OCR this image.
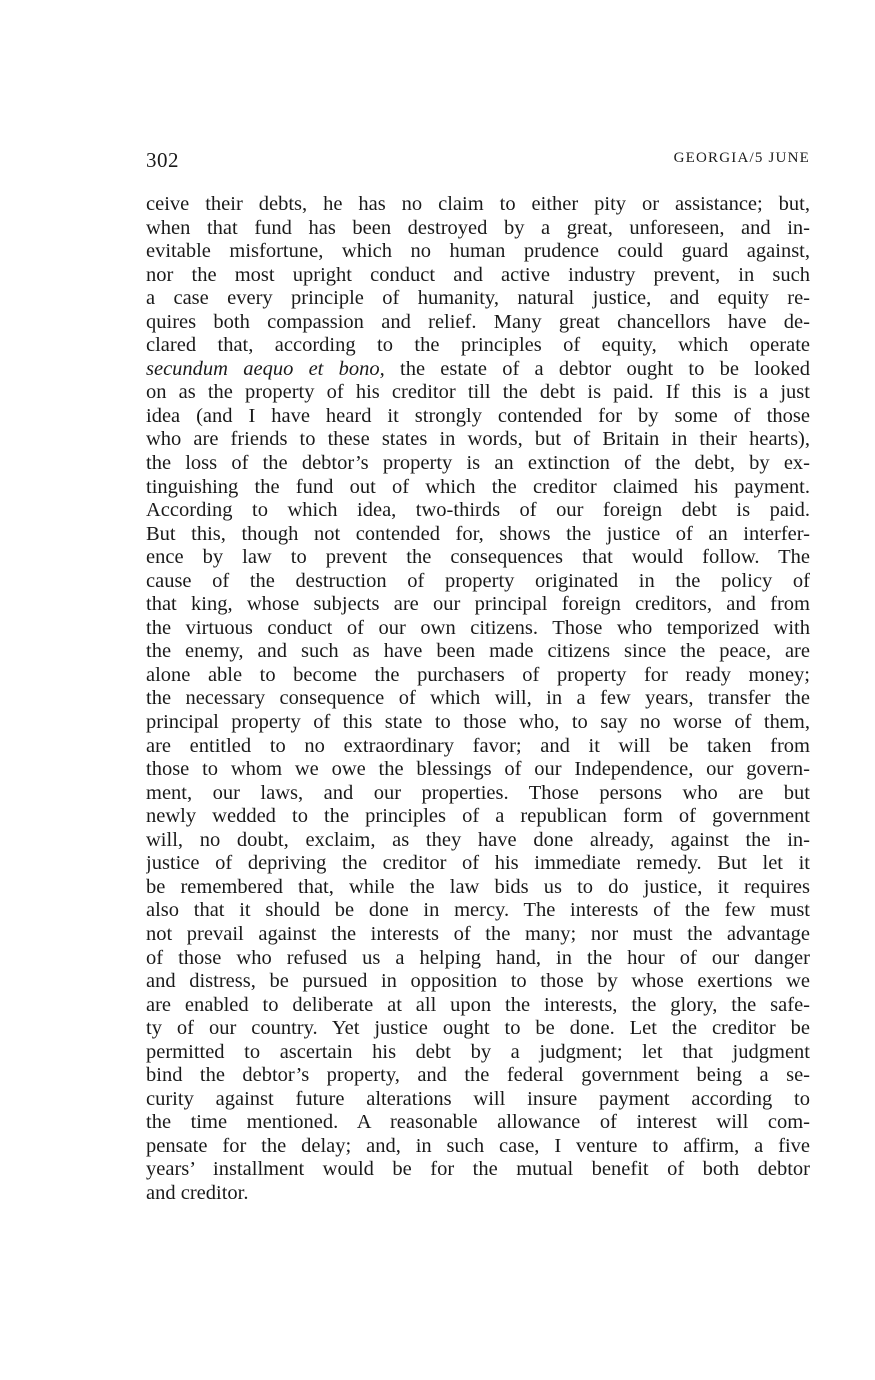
302	GEORGIA/5 JUNE
ceive their debts, he has no claim to either pity or assistance; but,
when that fund has been destroyed by a great, unforeseen, and in-
evitable misfortune, which no human prudence could guard against,
nor the most upright conduct and active industry prevent, in such
a case every principle of humanity, natural justice, and equity re-
quires both compassion and relief. Many great chancellors have de-
clared that, according to the principles of equity, which operate
secundum aequo et bono, the estate of a debtor ought to be looked
on as the property of his creditor till the debt is paid. If this is a just
idea (and I have heard it strongly contended for by some of those
who are friends to these states in words, but of Britain in their hearts),
the loss of the debtor’s property is an extinction of the debt, by ex-
tinguishing the fund out of which the creditor claimed his payment.
According to which idea, two-thirds of our foreign debt is paid.
But this, though not contended for, shows the justice of an interfer-
ence by law to prevent the consequences that would follow. The
cause of the destruction of property originated in the policy of
that king, whose subjects are our principal foreign creditors, and from
the virtuous conduct of our own citizens. Those who temporized with
the enemy, and such as have been made citizens since the peace, are
alone able to become the purchasers of property for ready money;
the necessary consequence of which will, in a few years, transfer the
principal property of this state to those who, to say no worse of them,
are entitled to no extraordinary favor; and it will be taken from
those to whom we owe the blessings of our Independence, our govern-
ment, our laws, and our properties. Those persons who are but
newly wedded to the principles of a republican form of government
will, no doubt, exclaim, as they have done already, against the in-
justice of depriving the creditor of his immediate remedy. But let it
be remembered that, while the law bids us to do justice, it requires
also that it should be done in mercy. The interests of the few must
not prevail against the interests of the many; nor must the advantage
of those who refused us a helping hand, in the hour of our danger
and distress, be pursued in opposition to those by whose exertions we
are enabled to deliberate at all upon the interests, the glory, the safe-
ty of our country. Yet justice ought to be done. Let the creditor be
permitted to ascertain his debt by a judgment; let that judgment
bind the debtor’s property, and the federal government being a se-
curity against future alterations will insure payment according to
the time mentioned. A reasonable allowance of interest will com-
pensate for the delay; and, in such case, I venture to affirm, a five
years’ installment would be for the mutual benefit of both debtor
and creditor.
